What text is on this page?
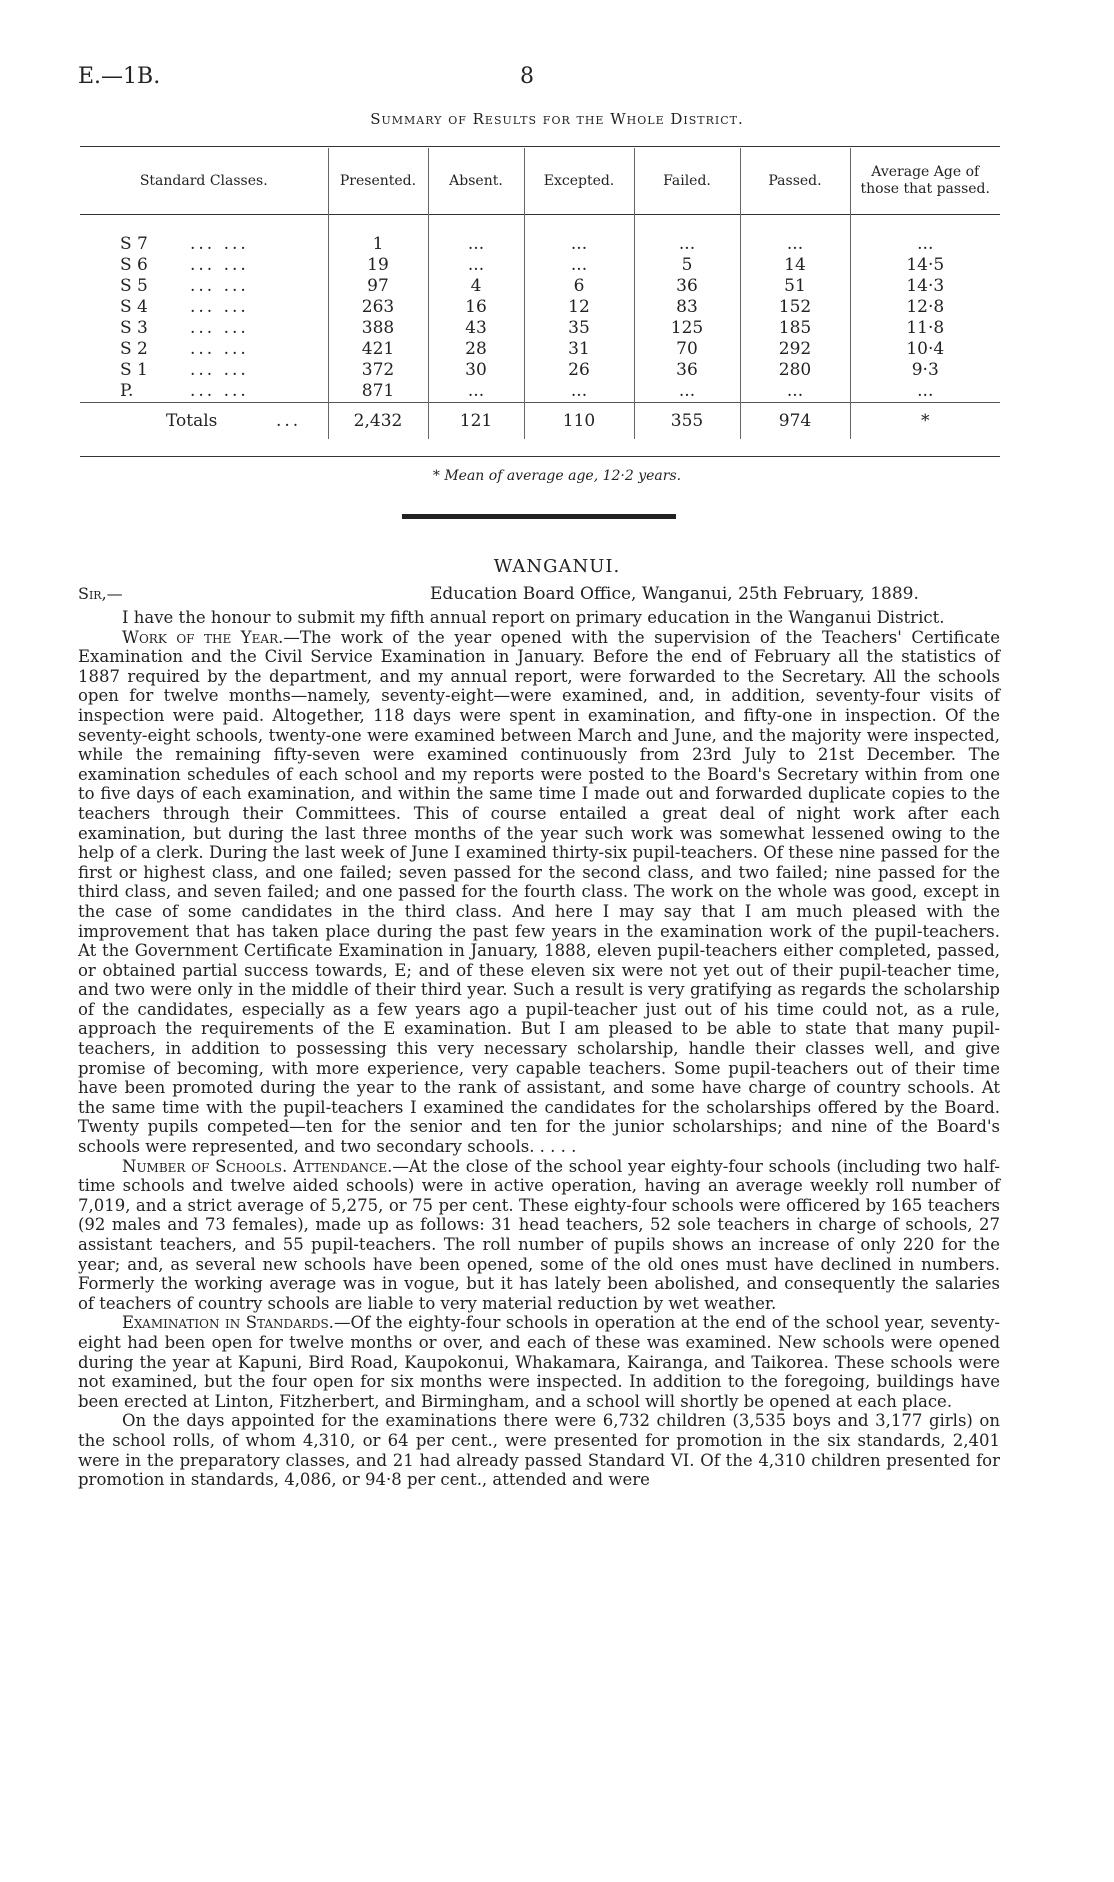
E.—1B.	8
Summary of Results for the Whole District.
Standard Classes.	Presented.	Absent.	Excepted.	Failed.	Passed.	Average Age of those that passed.

S 7 ... ...	1	...	...	...	...	...
S 6 ... ...	19	...	...	5	14	14·5
S 5 ... ...	97	4	6	36	51	14·3
S 4 ... ...	263	16	12	83	152	12·8
S 3 ... ...	388	43	35	125	185	11·8
S 2 ... ...	421	28	31	70	292	10·4
S 1 ... ...	372	30	26	36	280	9·3
P. ... ...	871	...	...	...	...	...
Totals ...	2,432	121	110	355	974	*
* Mean of average age, 12·2 years.
WANGANUI.
Sir,—	Education Board Office, Wanganui, 25th February, 1889.

I have the honour to submit my fifth annual report on primary education in the Wanganui District.

Work of the Year.—The work of the year opened with the supervision of the Teachers' Certificate Examination and the Civil Service Examination in January. Before the end of February all the statistics of 1887 required by the department, and my annual report, were forwarded to the Secretary. All the schools open for twelve months—namely, seventy-eight—were examined, and, in addition, seventy-four visits of inspection were paid. Altogether, 118 days were spent in examination, and fifty-one in inspection. Of the seventy-eight schools, twenty-one were examined between March and June, and the majority were inspected, while the remaining fifty-seven were examined continuously from 23rd July to 21st December. The examination schedules of each school and my reports were posted to the Board's Secretary within from one to five days of each examination, and within the same time I made out and forwarded duplicate copies to the teachers through their Committees. This of course entailed a great deal of night work after each examination, but during the last three months of the year such work was somewhat lessened owing to the help of a clerk. During the last week of June I examined thirty-six pupil-teachers. Of these nine passed for the first or highest class, and one failed; seven passed for the second class, and two failed; nine passed for the third class, and seven failed; and one passed for the fourth class. The work on the whole was good, except in the case of some candidates in the third class. And here I may say that I am much pleased with the improvement that has taken place during the past few years in the examination work of the pupil-teachers. At the Government Certificate Examination in January, 1888, eleven pupil-teachers either completed, passed, or obtained partial success towards, E; and of these eleven six were not yet out of their pupil-teacher time, and two were only in the middle of their third year. Such a result is very gratifying as regards the scholarship of the candidates, especially as a few years ago a pupil-teacher just out of his time could not, as a rule, approach the requirements of the E examination. But I am pleased to be able to state that many pupil-teachers, in addition to possessing this very necessary scholarship, handle their classes well, and give promise of becoming, with more experience, very capable teachers. Some pupil-teachers out of their time have been promoted during the year to the rank of assistant, and some have charge of country schools. At the same time with the pupil-teachers I examined the candidates for the scholarships offered by the Board. Twenty pupils competed—ten for the senior and ten for the junior scholarships; and nine of the Board's schools were represented, and two secondary schools. . . . .

Number of Schools. Attendance.—At the close of the school year eighty-four schools (including two half-time schools and twelve aided schools) were in active operation, having an average weekly roll number of 7,019, and a strict average of 5,275, or 75 per cent. These eighty-four schools were officered by 165 teachers (92 males and 73 females), made up as follows: 31 head teachers, 52 sole teachers in charge of schools, 27 assistant teachers, and 55 pupil-teachers. The roll number of pupils shows an increase of only 220 for the year; and, as several new schools have been opened, some of the old ones must have declined in numbers. Formerly the working average was in vogue, but it has lately been abolished, and consequently the salaries of teachers of country schools are liable to very material reduction by wet weather.

Examination in Standards.—Of the eighty-four schools in operation at the end of the school year, seventy-eight had been open for twelve months or over, and each of these was examined. New schools were opened during the year at Kapuni, Bird Road, Kaupokonui, Whakamara, Kairanga, and Taikorea. These schools were not examined, but the four open for six months were inspected. In addition to the foregoing, buildings have been erected at Linton, Fitzherbert, and Birmingham, and a school will shortly be opened at each place.

On the days appointed for the examinations there were 6,732 children (3,535 boys and 3,177 girls) on the school rolls, of whom 4,310, or 64 per cent., were presented for promotion in the six standards, 2,401 were in the preparatory classes, and 21 had already passed Standard VI. Of the 4,310 children presented for promotion in standards, 4,086, or 94·8 per cent., attended and were
